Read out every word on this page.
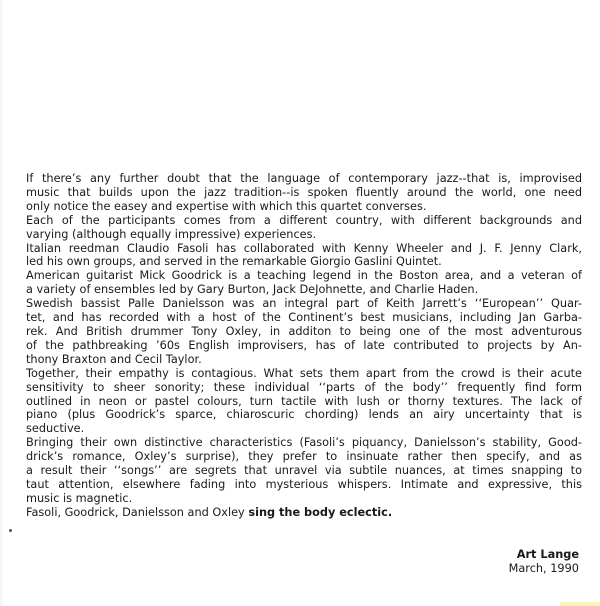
If there’s any further doubt that the language of contemporary jazz--that is, improvised
music that builds upon the jazz tradition--is spoken fluently around the world, one need
only notice the easey and expertise with which this quartet converses.
Each of the participants comes from a different country, with different backgrounds and
varying (although equally impressive) experiences.
Italian reedman Claudio Fasoli has collaborated with Kenny Wheeler and J. F. Jenny Clark,
led his own groups, and served in the remarkable Giorgio Gaslini Quintet.
American guitarist Mick Goodrick is a teaching legend in the Boston area, and a veteran of
a variety of ensembles led by Gary Burton, Jack DeJohnette, and Charlie Haden.
Swedish bassist Palle Danielsson was an integral part of Keith Jarrett’s ‘‘European’’ Quar-
tet, and has recorded with a host of the Continent’s best musicians, including Jan Garba-
rek. And British drummer Tony Oxley, in additon to being one of the most adventurous
of the pathbreaking ’60s English improvisers, has of late contributed to projects by An-
thony Braxton and Cecil Taylor.
Together, their empathy is contagious. What sets them apart from the crowd is their acute
sensitivity to sheer sonority; these individual ‘‘parts of the body’’ frequently find form
outlined in neon or pastel colours, turn tactile with lush or thorny textures. The lack of
piano (plus Goodrick’s sparce, chiaroscuric chording) lends an airy uncertainty that is
seductive.
Bringing their own distinctive characteristics (Fasoli’s piquancy, Danielsson’s stability, Good-
drick’s romance, Oxley’s surprise), they prefer to insinuate rather then specify, and as
a result their ‘‘songs’’ are segrets that unravel via subtile nuances, at times snapping to
taut attention, elsewhere fading into mysterious whispers. Intimate and expressive, this
music is magnetic.
Fasoli, Goodrick, Danielsson and Oxley sing the body eclectic.
Art Lange
March, 1990
